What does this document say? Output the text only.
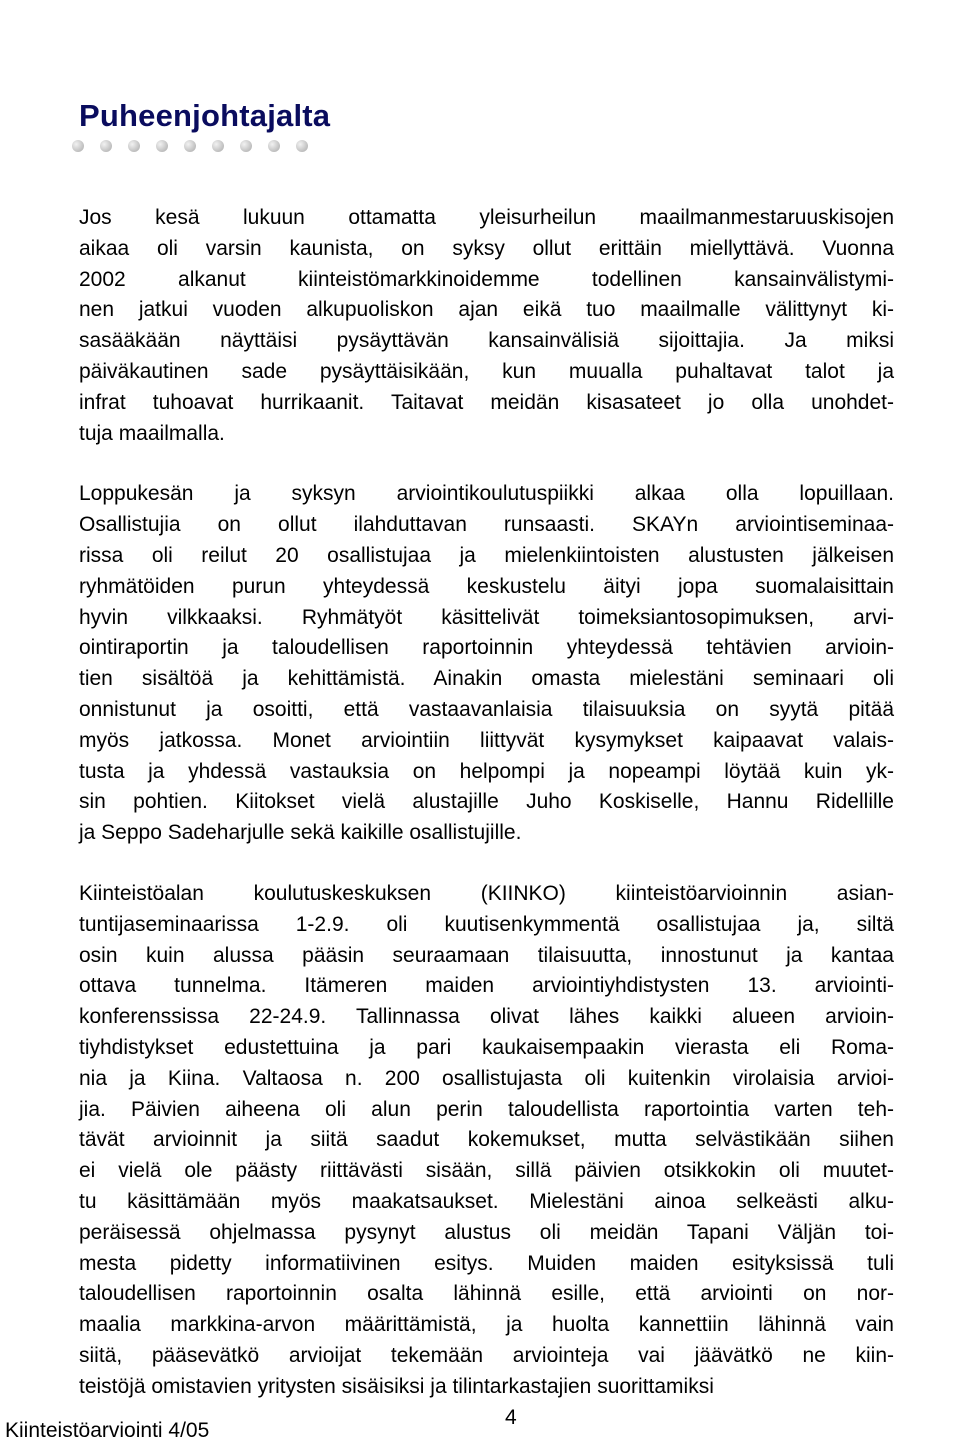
Puheenjohtajalta

Jos kesä lukuun ottamatta yleisurheilun maailmanmestaruuskisojen
aikaa oli varsin kaunista, on syksy ollut erittäin miellyttävä. Vuonna
2002 alkanut kiinteistömarkkinoidemme todellinen kansainvälistymi-
nen jatkui vuoden alkupuoliskon ajan eikä tuo maailmalle välittynyt ki-
sasääkään näyttäisi pysäyttävän kansainvälisiä sijoittajia. Ja miksi
päiväkautinen sade pysäyttäisikään, kun muualla puhaltavat talot ja
infrat tuhoavat hurrikaanit. Taitavat meidän kisasateet jo olla unohdet-
tuja maailmalla.

Loppukesän ja syksyn arviointikoulutuspiikki alkaa olla lopuillaan.
Osallistujia on ollut ilahduttavan runsaasti. SKAYn arviointiseminaa-
rissa oli reilut 20 osallistujaa ja mielenkiintoisten alustusten jälkeisen
ryhmätöiden purun yhteydessä keskustelu äityi jopa suomalaisittain
hyvin vilkkaaksi. Ryhmätyöt käsittelivät toimeksiantosopimuksen, arvi-
ointiraportin ja taloudellisen raportoinnin yhteydessä tehtävien arvioin-
tien sisältöä ja kehittämistä. Ainakin omasta mielestäni seminaari oli
onnistunut ja osoitti, että vastaavanlaisia tilaisuuksia on syytä pitää
myös jatkossa. Monet arviointiin liittyvät kysymykset kaipaavat valais-
tusta ja yhdessä vastauksia on helpompi ja nopeampi löytää kuin yk-
sin pohtien. Kiitokset vielä alustajille Juho Koskiselle, Hannu Ridellille
ja Seppo Sadeharjulle sekä kaikille osallistujille.

Kiinteistöalan koulutuskeskuksen (KIINKO) kiinteistöarvioinnin asian-
tuntijaseminaarissa 1-2.9. oli kuutisenkymmentä osallistujaa ja, siltä
osin kuin alussa pääsin seuraamaan tilaisuutta, innostunut ja kantaa
ottava tunnelma. Itämeren maiden arviointiyhdistysten 13. arviointi-
konferenssissa 22-24.9. Tallinnassa olivat lähes kaikki alueen arvioin-
tiyhdistykset edustettuina ja pari kaukaisempaakin vierasta eli Roma-
nia ja Kiina. Valtaosa n. 200 osallistujasta oli kuitenkin virolaisia arvioi-
jia. Päivien aiheena oli alun perin taloudellista raportointia varten teh-
tävät arvioinnit ja siitä saadut kokemukset, mutta selvästikään siihen
ei vielä ole päästy riittävästi sisään, sillä päivien otsikkokin oli muutet-
tu käsittämään myös maakatsaukset. Mielestäni ainoa selkeästi alku-
peräisessä ohjelmassa pysynyt alustus oli meidän Tapani Väljän toi-
mesta pidetty informatiivinen esitys. Muiden maiden esityksissä tuli
taloudellisen raportoinnin osalta lähinnä esille, että arviointi on nor-
maalia markkina-arvon määrittämistä, ja huolta kannettiin lähinnä vain
siitä, pääsevätkö arvioijat tekemään arviointeja vai jäävätkö ne kiin-
teistöjä omistavien yritysten sisäisiksi ja tilintarkastajien suorittamiksi

Kiinteistöarviointi 4/05
4
